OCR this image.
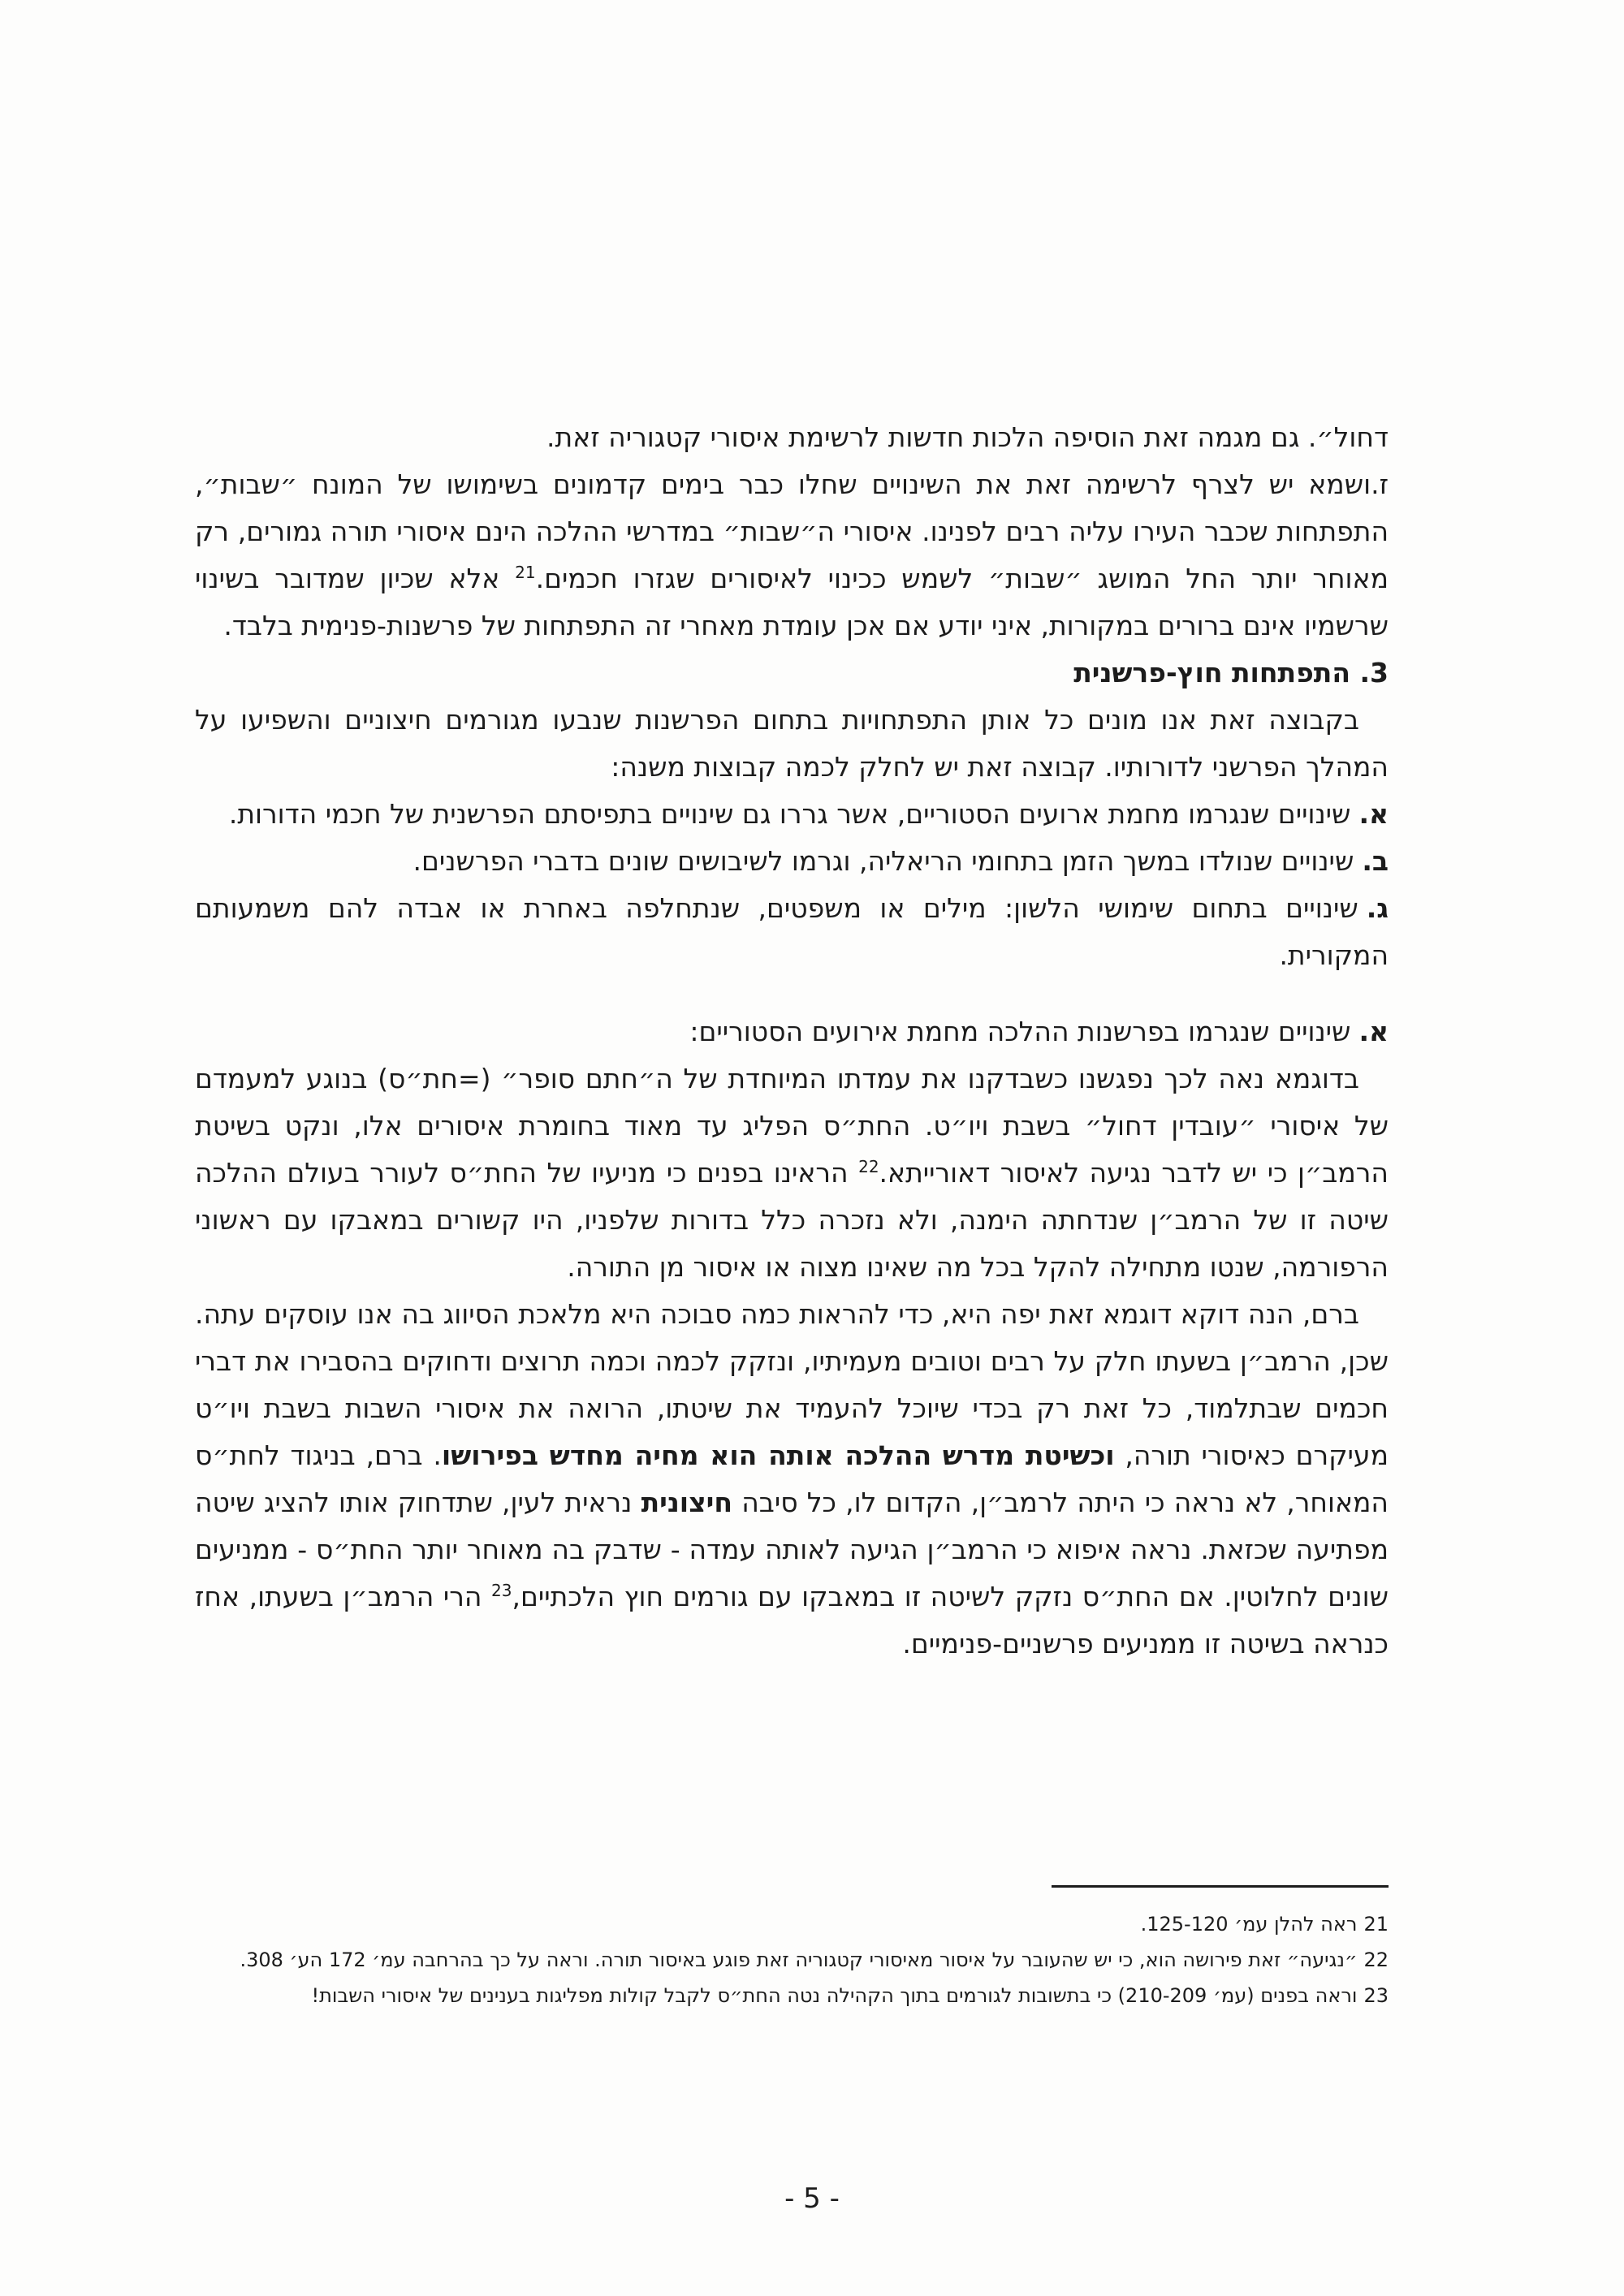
דחול״. גם מגמה זאת הוסיפה הלכות חדשות לרשימת איסורי קטגוריה זאת.

ז.ושמא יש לצרף לרשימה זאת את השינויים שחלו כבר בימים קדמונים בשימושו של המונח ״שבות״, התפתחות שכבר העירו עליה רבים לפנינו. איסורי ה״שבות״ במדרשי ההלכה הינם איסורי תורה גמורים, רק מאוחר יותר החל המושג ״שבות״ לשמש ככינוי לאיסורים שגזרו חכמים.$^{21}$ אלא שכיון שמדובר בשינוי שרשמיו אינם ברורים במקורות, איני יודע אם אכן עומדת מאחרי זה התפתחות של פרשנות-פנימית בלבד.

3. התפתחות חוץ-פרשנית

בקבוצה זאת אנו מונים כל אותן התפתחויות בתחום הפרשנות שנבעו מגורמים חיצוניים והשפיעו על המהלך הפרשני לדורותיו. קבוצה זאת יש לחלק לכמה קבוצות משנה:

א.שינויים שנגרמו מחמת ארועים הסטוריים, אשר גררו גם שינויים בתפיסתם הפרשנית של חכמי הדורות.

ב.שינויים שנולדו במשך הזמן בתחומי הריאליה, וגרמו לשיבושים שונים בדברי הפרשנים.

ג.שינויים בתחום שימושי הלשון: מילים או משפטים, שנתחלפה באחרת או אבדה להם משמעותם המקורית.

א.שינויים שנגרמו בפרשנות ההלכה מחמת אירועים הסטוריים:

בדוגמא נאה לכך נפגשנו כשבדקנו את עמדתו המיוחדת של ה״חתם סופר״ (=חת״ס) בנוגע למעמדם של איסורי ״עובדין דחול״ בשבת ויו״ט. החת״ס הפליג עד מאוד בחומרת איסורים אלו, ונקט בשיטת הרמב״ן כי יש לדבר נגיעה לאיסור דאורייתא.$^{22}$ הראינו בפנים כי מניעיו של החת״ס לעורר בעולם ההלכה שיטה זו של הרמב״ן שנדחתה הימנה, ולא נזכרה כלל בדורות שלפניו, היו קשורים במאבקו עם ראשוני הרפורמה, שנטו מתחילה להקל בכל מה שאינו מצוה או איסור מן התורה.

ברם, הנה דוקא דוגמא זאת יפה היא, כדי להראות כמה סבוכה היא מלאכת הסיווג בה אנו עוסקים עתה. שכן, הרמב״ן בשעתו חלק על רבים וטובים מעמיתיו, ונזקק לכמה וכמה תרוצים ודחוקים בהסבירו את דברי חכמים שבתלמוד, כל זאת רק בכדי שיוכל להעמיד את שיטתו, הרואה את איסורי השבות בשבת ויו״ט מעיקרם כאיסורי תורה, וכשיטת מדרש ההלכה אותה הוא מחיה מחדש בפירושו. ברם, בניגוד לחת״ס המאוחר, לא נראה כי היתה לרמב״ן, הקדום לו, כל סיבה חיצונית נראית לעין, שתדחוק אותו להציג שיטה מפתיעה שכזאת. נראה איפוא כי הרמב״ן הגיעה לאותה עמדה - שדבק בה מאוחר יותר החת״ס - ממניעים שונים לחלוטין. אם החת״ס נזקק לשיטה זו במאבקו עם גורמים חוץ הלכתיים,$^{23}$ הרי הרמב״ן בשעתו, אחז כנראה בשיטה זו ממניעים פרשניים-פנימיים.

21ראה להלן עמ׳ 125-120.

22״נגיעה״ זאת פירושה הוא, כי יש שהעובר על איסור מאיסורי קטגוריה זאת פוגע באיסור תורה. וראה על כך בהרחבה עמ׳ 172 הע׳ 308.

23וראה בפנים (עמ׳ 210-209) כי בתשובות לגורמים בתוך הקהילה נטה החת״ס לקבל קולות מפליגות בענינים של איסורי השבות!

- 5 -
